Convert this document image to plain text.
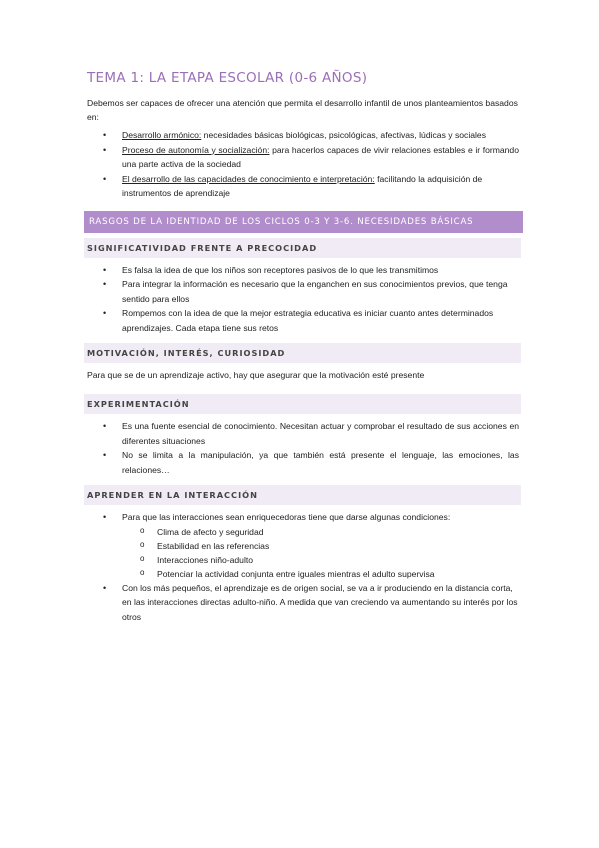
TEMA 1: LA ETAPA ESCOLAR (0-6 AÑOS)

Debemos ser capaces de ofrecer una atención que permita el desarrollo infantil de unos planteamientos basados en:

• Desarrollo armónico: necesidades básicas biológicas, psicológicas, afectivas, lúdicas y sociales
• Proceso de autonomía y socialización: para hacerlos capaces de vivir relaciones estables e ir formando una parte activa de la sociedad
• El desarrollo de las capacidades de conocimiento e interpretación: facilitando la adquisición de instrumentos de aprendizaje
RASGOS DE LA IDENTIDAD DE LOS CICLOS 0-3 Y 3-6. NECESIDADES BÁSICAS
SIGNIFICATIVIDAD FRENTE A PRECOCIDAD
• Es falsa la idea de que los niños son receptores pasivos de lo que les transmitimos
• Para integrar la información es necesario que la enganchen en sus conocimientos previos, que tenga sentido para ellos
• Rompemos con la idea de que la mejor estrategia educativa es iniciar cuanto antes determinados aprendizajes. Cada etapa tiene sus retos
MOTIVACIÓN, INTERÉS, CURIOSIDAD

Para que se de un aprendizaje activo, hay que asegurar que la motivación esté presente

EXPERIMENTACIÓN
• Es una fuente esencial de conocimiento. Necesitan actuar y comprobar el resultado de sus acciones en diferentes situaciones
• No se limita a la manipulación, ya que también está presente el lenguaje, las emociones, las relaciones…
APRENDER EN LA INTERACCIÓN
• Para que las interacciones sean enriquecedoras tiene que darse algunas condiciones:
o Clima de afecto y seguridad
o Estabilidad en las referencias
o Interacciones niño-adulto
o Potenciar la actividad conjunta entre iguales mientras el adulto supervisa
• Con los más pequeños, el aprendizaje es de origen social, se va a ir produciendo en la distancia corta, en las interacciones directas adulto-niño. A medida que van creciendo va aumentando su interés por los otros
